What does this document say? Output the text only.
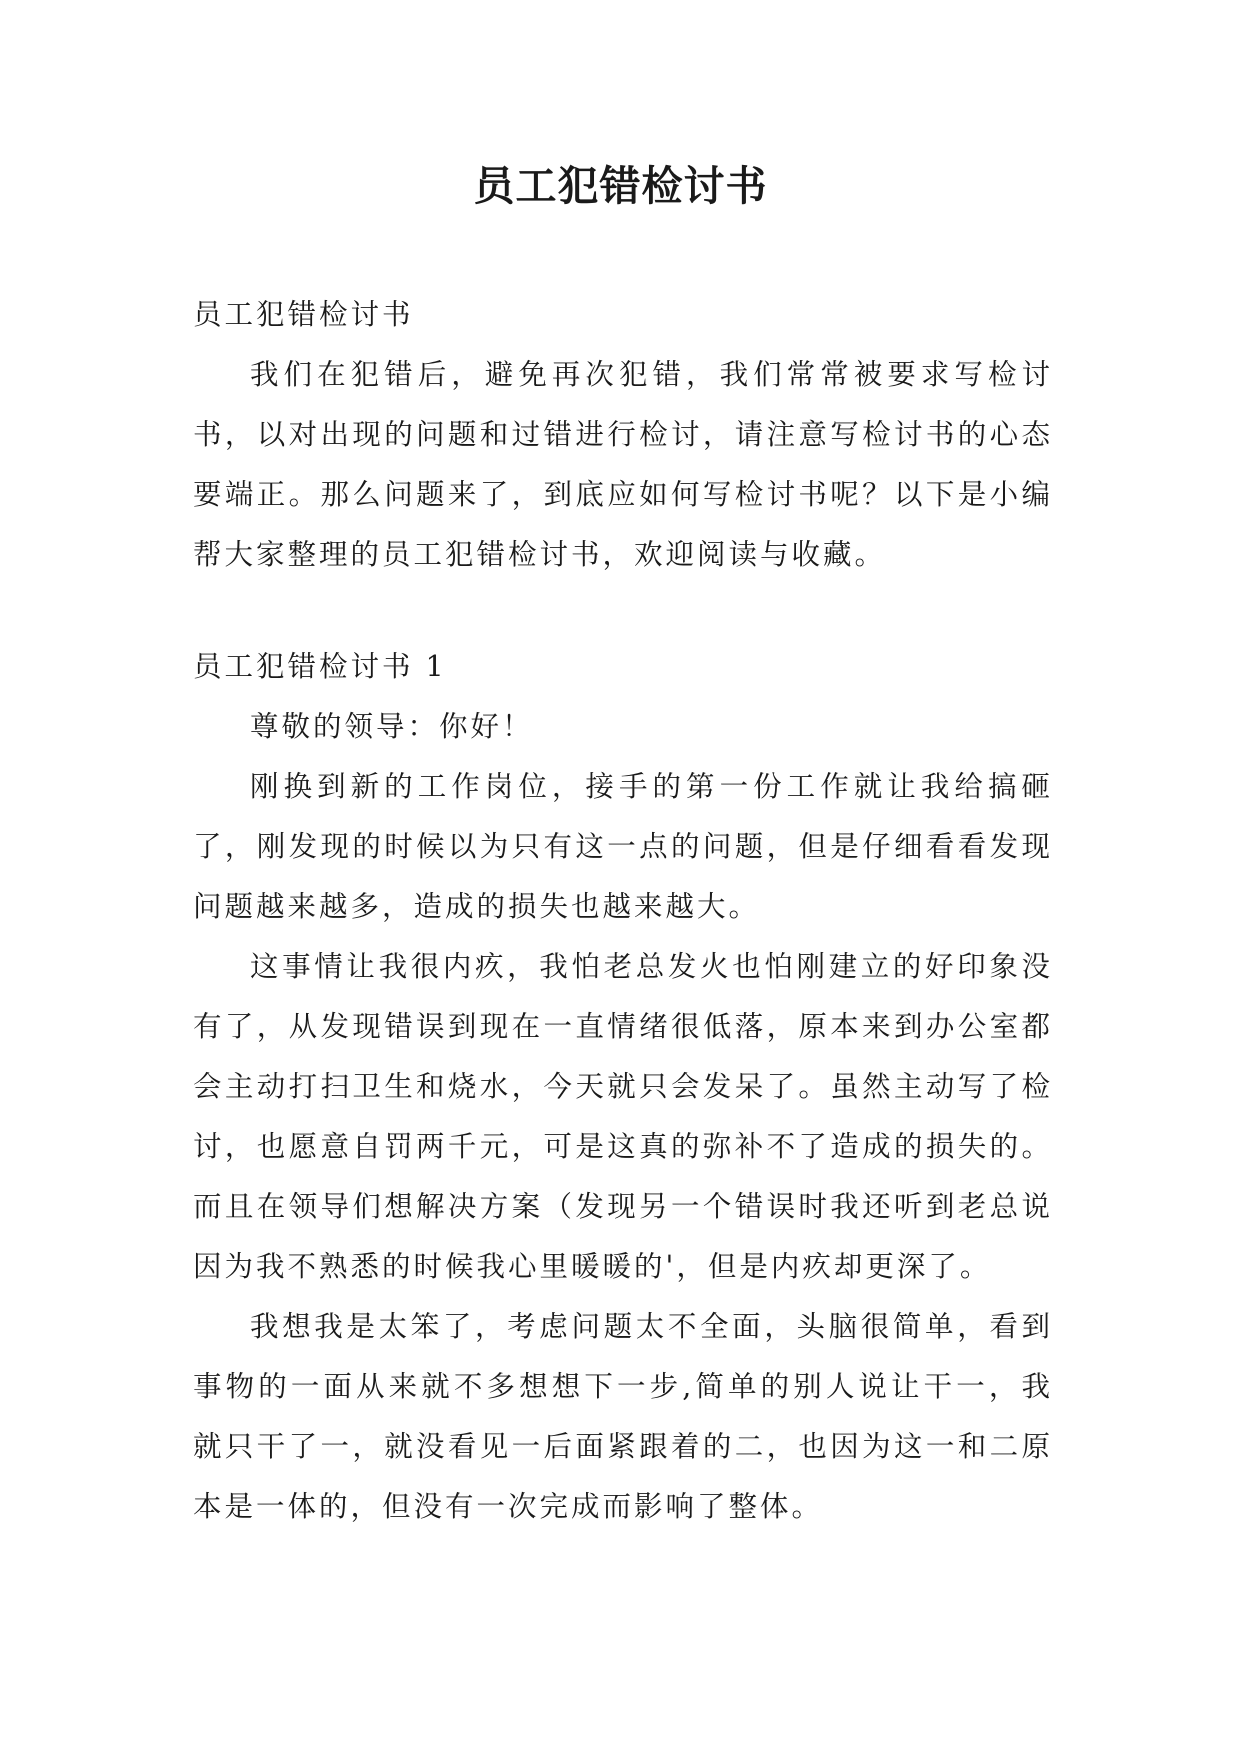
员工犯错检讨书
员工犯错检讨书

我们在犯错后，避免再次犯错，我们常常被要求写检讨书，以对出现的问题和过错进行检讨，请注意写检讨书的心态要端正。那么问题来了，到底应如何写检讨书呢？以下是小编帮大家整理的员工犯错检讨书，欢迎阅读与收藏。

员工犯错检讨书 1

尊敬的领导：你好！

刚换到新的工作岗位，接手的第一份工作就让我给搞砸了，刚发现的时候以为只有这一点的问题，但是仔细看看发现问题越来越多，造成的损失也越来越大。

这事情让我很内疚，我怕老总发火也怕刚建立的好印象没有了，从发现错误到现在一直情绪很低落，原本来到办公室都会主动打扫卫生和烧水，今天就只会发呆了。虽然主动写了检讨，也愿意自罚两千元，可是这真的弥补不了造成的损失的。而且在领导们想解决方案（发现另一个错误时我还听到老总说因为我不熟悉的时候我心里暖暖的'，但是内疚却更深了。

我想我是太笨了，考虑问题太不全面，头脑很简单，看到事物的一面从来就不多想想下一步,简单的别人说让干一，我就只干了一，就没看见一后面紧跟着的二，也因为这一和二原本是一体的，但没有一次完成而影响了整体。
